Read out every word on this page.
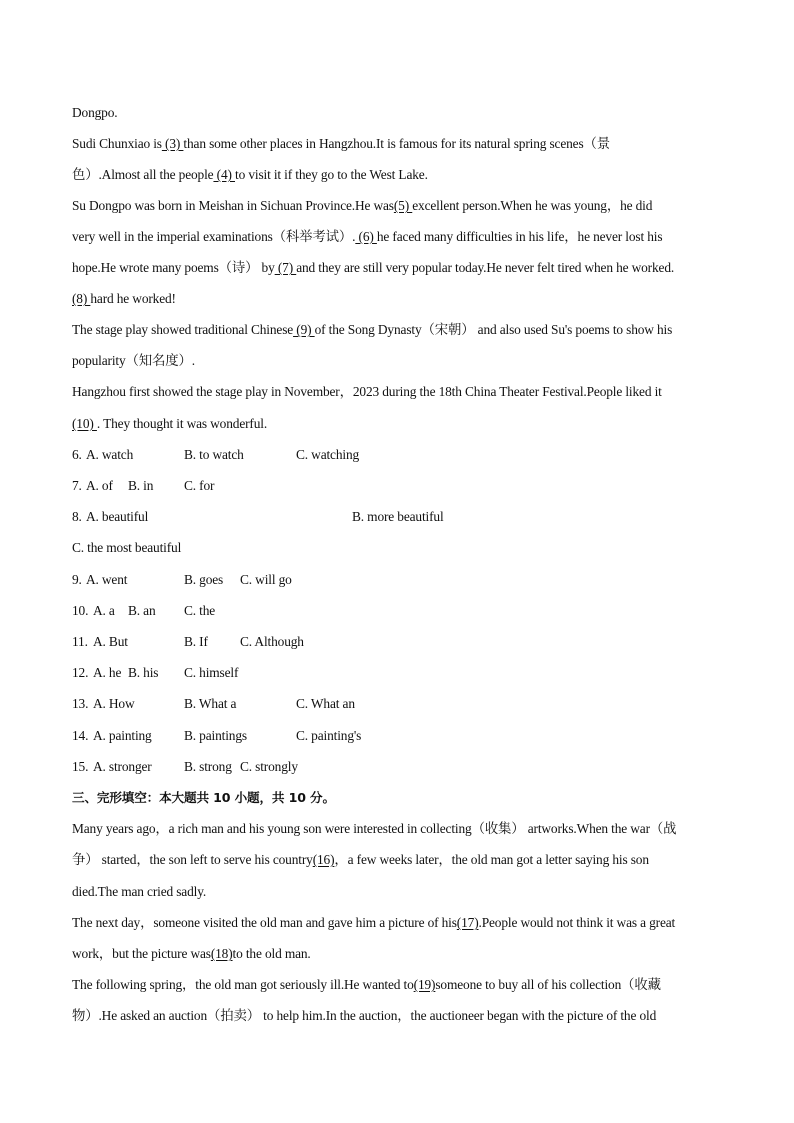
Dongpo.
Sudi Chunxiao is (3) than some other places in Hangzhou.It is famous for its natural spring scenes（景
色）.Almost all the people (4) to visit it if they go to the West Lake.
Su Dongpo was born in Meishan in Sichuan Province.He was(5) excellent person.When he was young，he did
very well in the imperial examinations（科举考试）. (6) he faced many difficulties in his life，he never lost his
hope.He wrote many poems（诗） by (7) and they are still very popular today.He never felt tired when he worked.
(8) hard he worked!
The stage play showed traditional Chinese (9) of the Song Dynasty（宋朝） and also used Su's poems to show his
popularity（知名度）.
Hangzhou first showed the stage play in November，2023 during the 18th China Theater Festival.People liked it
(10) . They thought it was wonderful.
6. A. watch	B. to watch	C. watching
7. A. of B. in C. for
8. A. beautiful	B. more beautiful
C. the most beautiful
9. A. went	B. goes C. will go
10. A. a B. an C. the
11. A. But	B. If C. Although
12. A. he B. his C. himself
13. A. How	B. What a	C. What an
14. A. painting B. paintings	C. painting's
15. A. stronger B. strong C. strongly
三、完形填空：本大题共 10 小题，共 10 分。
Many years ago，a rich man and his young son were interested in collecting（收集） artworks.When the war（战
争） started，the son left to serve his country(16)，a few weeks later，the old man got a letter saying his son
died.The man cried sadly.
The next day，someone visited the old man and gave him a picture of his(17).People would not think it was a great
work，but the picture was(18)to the old man.
The following spring，the old man got seriously ill.He wanted to(19)someone to buy all of his collection（收藏
物）.He asked an auction（拍卖） to help him.In the auction，the auctioneer began with the picture of the old
